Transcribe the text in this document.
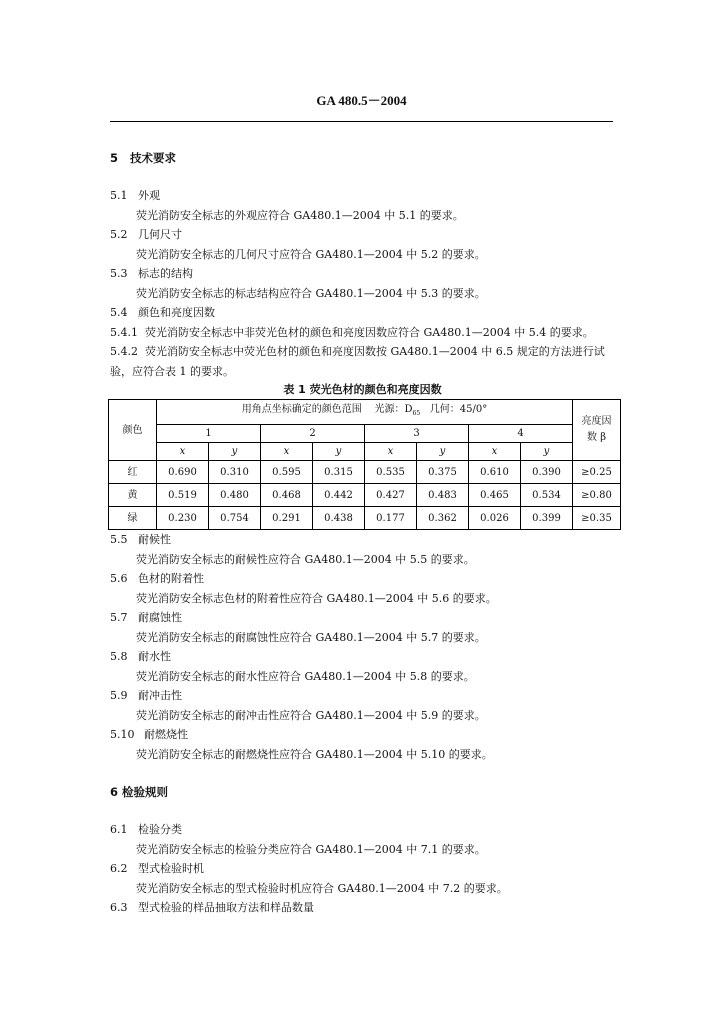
GA 480.5－2004
5 技术要求
5.1 外观
荧光消防安全标志的外观应符合 GA480.1—2004 中 5.1 的要求。
5.2 几何尺寸
荧光消防安全标志的几何尺寸应符合 GA480.1—2004 中 5.2 的要求。
5.3 标志的结构
荧光消防安全标志的标志结构应符合 GA480.1—2004 中 5.3 的要求。
5.4 颜色和亮度因数
5.4.1 荧光消防安全标志中非荧光色材的颜色和亮度因数应符合 GA480.1—2004 中 5.4 的要求。
5.4.2 荧光消防安全标志中荧光色材的颜色和亮度因数按 GA480.1—2004 中 6.5 规定的方法进行试验，应符合表 1 的要求。
表 1 荧光色材的颜色和亮度因数
颜色	用角点坐标确定的颜色范围 光源：$D_{65}$ 几何：45/0°								亮度因数 β
	1		2		3		4		
	x	y	x	y	x	y	x	y	
红	0.690	0.310	0.595	0.315	0.535	0.375	0.610	0.390	≥0.25
黄	0.519	0.480	0.468	0.442	0.427	0.483	0.465	0.534	≥0.80
绿	0.230	0.754	0.291	0.438	0.177	0.362	0.026	0.399	≥0.35
5.5 耐候性
荧光消防安全标志的耐候性应符合 GA480.1—2004 中 5.5 的要求。
5.6 色材的附着性
荧光消防安全标志色材的附着性应符合 GA480.1—2004 中 5.6 的要求。
5.7 耐腐蚀性
荧光消防安全标志的耐腐蚀性应符合 GA480.1—2004 中 5.7 的要求。
5.8 耐水性
荧光消防安全标志的耐水性应符合 GA480.1—2004 中 5.8 的要求。
5.9 耐冲击性
荧光消防安全标志的耐冲击性应符合 GA480.1—2004 中 5.9 的要求。
5.10 耐燃烧性
荧光消防安全标志的耐燃烧性应符合 GA480.1—2004 中 5.10 的要求。
6 检验规则
6.1 检验分类
荧光消防安全标志的检验分类应符合 GA480.1—2004 中 7.1 的要求。
6.2 型式检验时机
荧光消防安全标志的型式检验时机应符合 GA480.1—2004 中 7.2 的要求。
6.3 型式检验的样品抽取方法和样品数量
